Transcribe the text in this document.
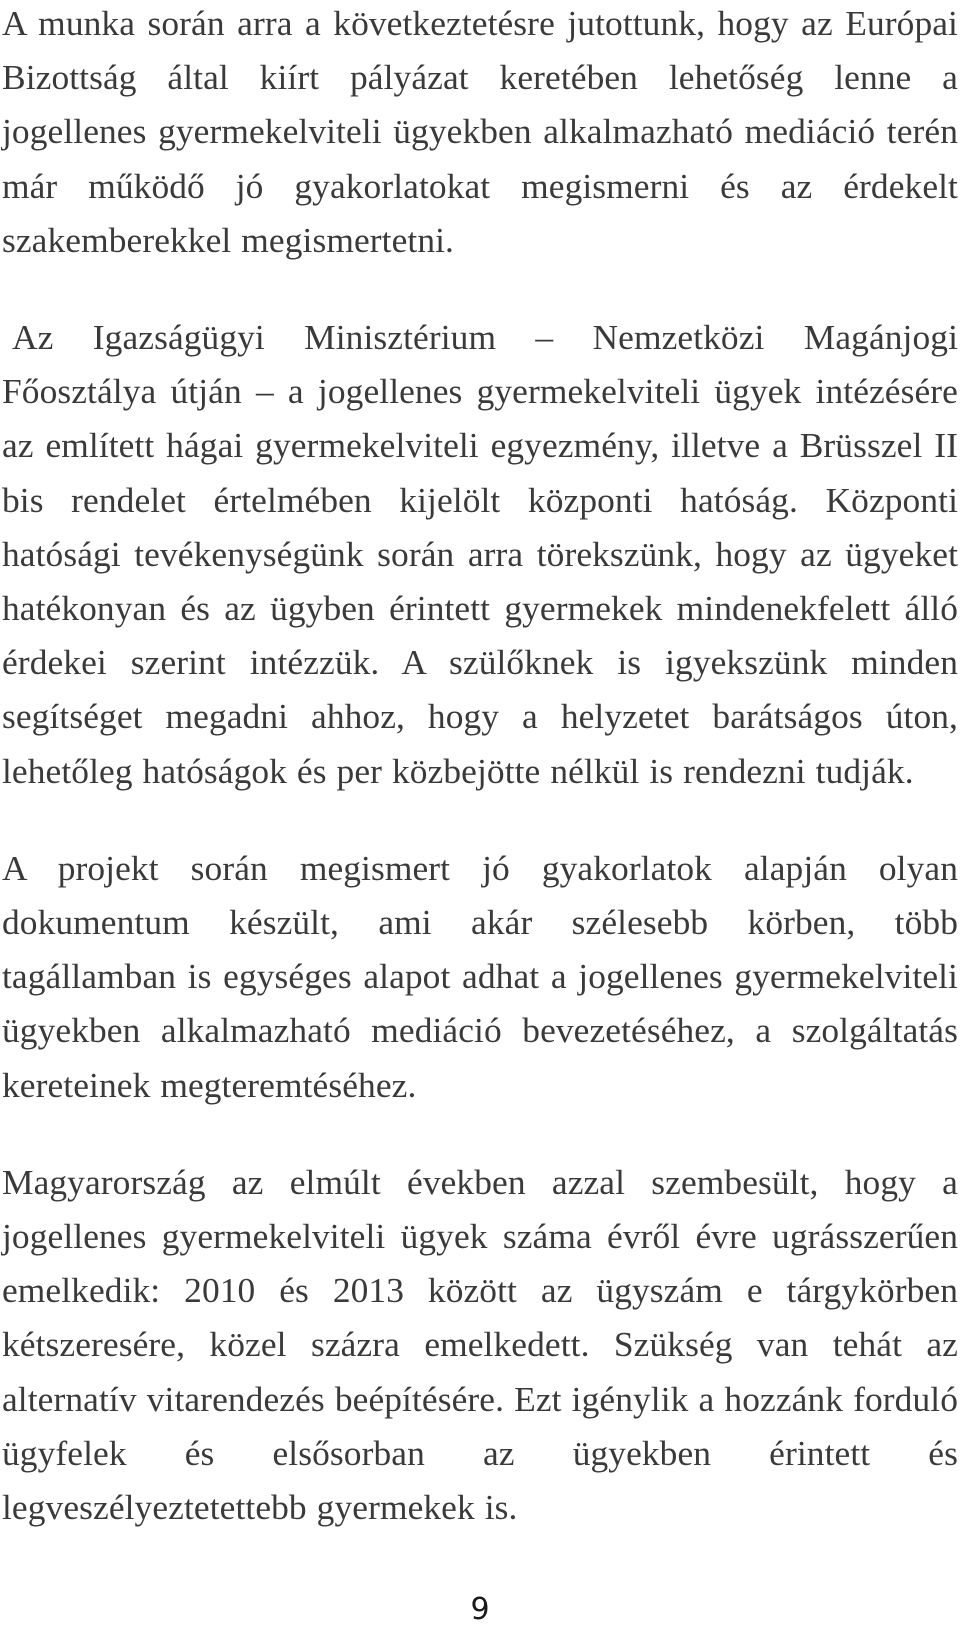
A munka során arra a következtetésre jutottunk, hogy az Európai Bizottság által kiírt pályázat keretében lehetőség lenne a jogellenes gyermekelviteli ügyekben alkalmazható mediáció terén már működő jó gyakorlatokat megismerni és az érdekelt szakemberekkel megismertetni.

Az Igazságügyi Minisztérium – Nemzetközi Magánjogi Főosztálya útján – a jogellenes gyermekelviteli ügyek intézésére az említett hágai gyermekelviteli egyezmény, illetve a Brüsszel II bis rendelet értelmében kijelölt központi hatóság. Központi hatósági tevékenységünk során arra törekszünk, hogy az ügyeket hatékonyan és az ügyben érintett gyermekek mindenekfelett álló érdekei szerint intézzük. A szülőknek is igyekszünk minden segítséget megadni ahhoz, hogy a helyzetet barátságos úton, lehetőleg hatóságok és per közbejötte nélkül is rendezni tudják.

A projekt során megismert jó gyakorlatok alapján olyan dokumentum készült, ami akár szélesebb körben, több tagállamban is egységes alapot adhat a jogellenes gyermekelviteli ügyekben alkalmazható mediáció bevezetéséhez, a szolgáltatás kereteinek megteremtéséhez.

Magyarország az elmúlt években azzal szembesült, hogy a jogellenes gyermekelviteli ügyek száma évről évre ugrásszerűen emelkedik: 2010 és 2013 között az ügyszám e tárgykörben kétszeresére, közel százra emelkedett. Szükség van tehát az alternatív vitarendezés beépítésére. Ezt igénylik a hozzánk forduló ügyfelek és elsősorban az ügyekben érintett és legveszélyeztetettebb gyermekek is.

9
